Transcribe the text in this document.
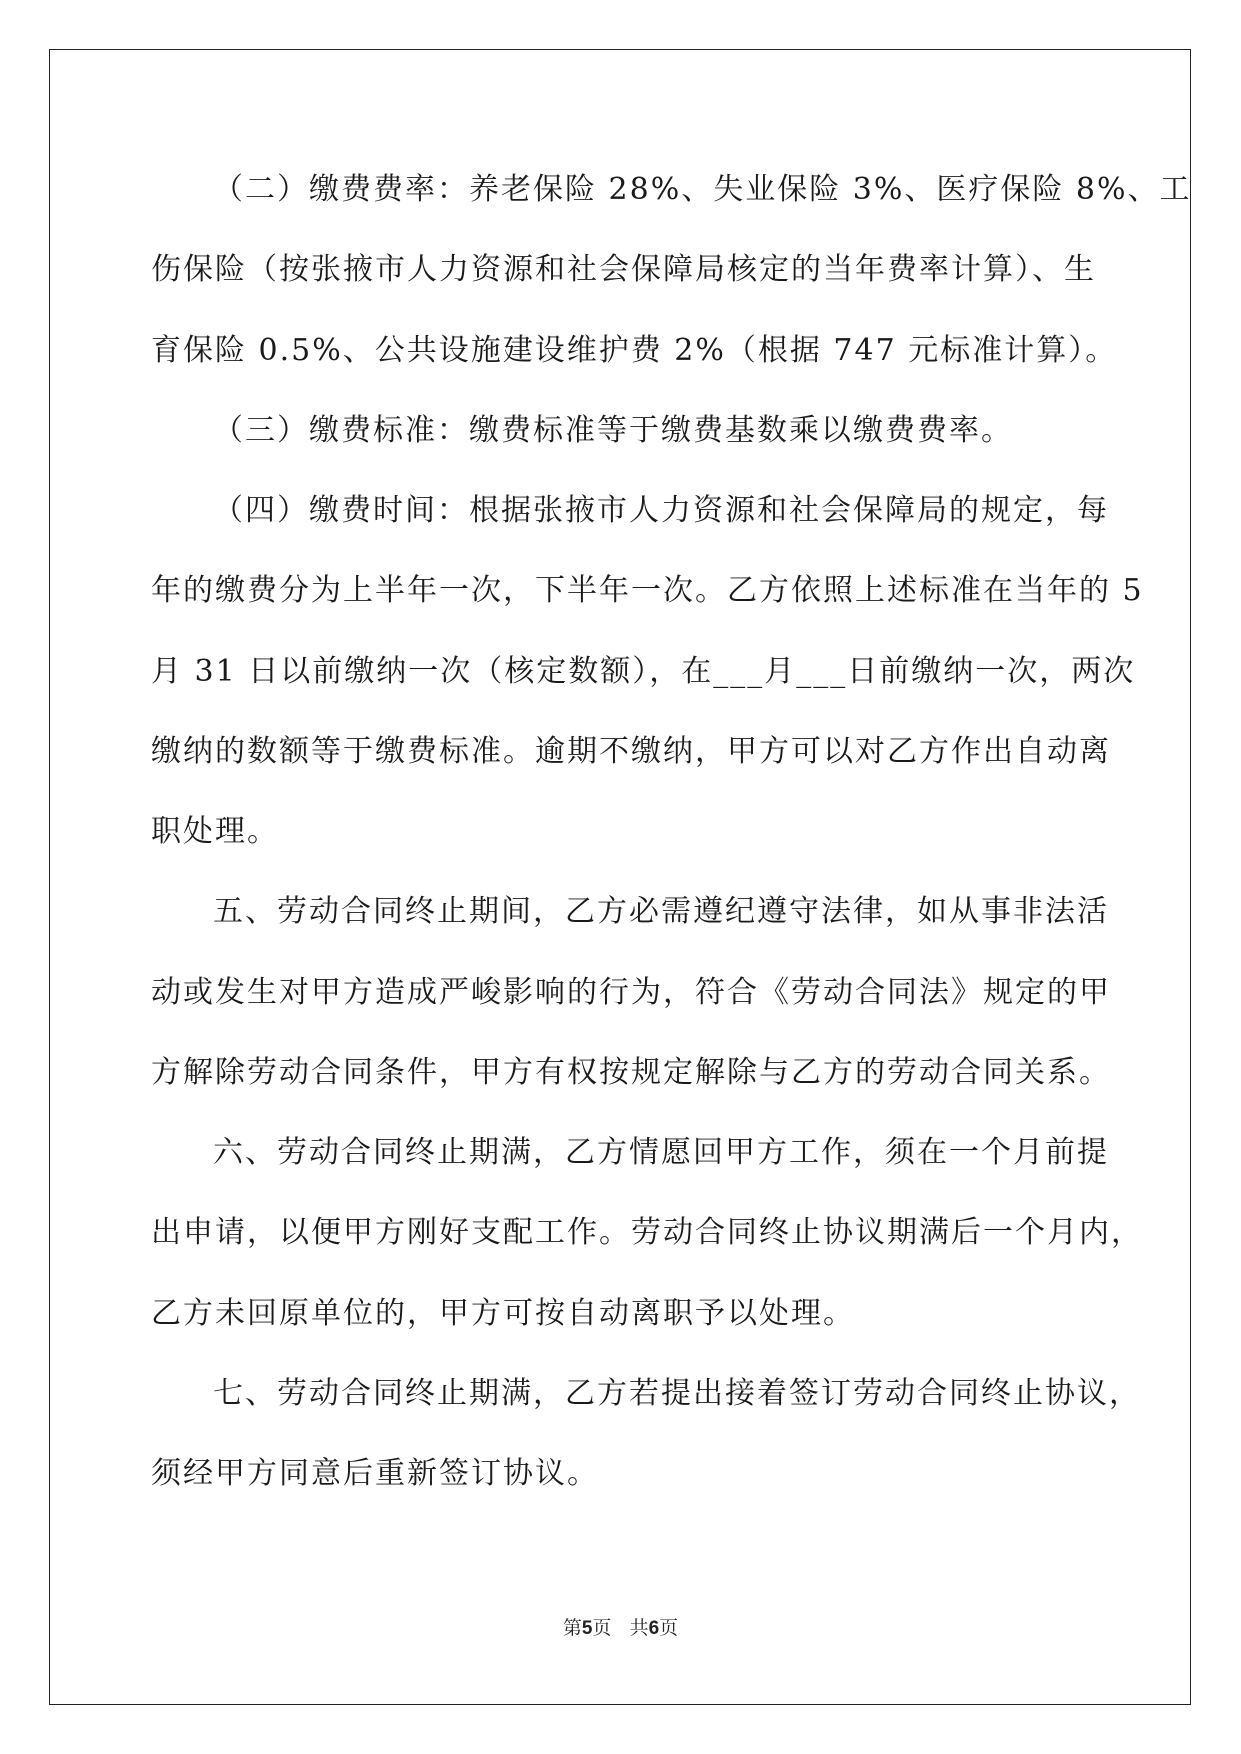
（二）缴费费率：养老保险 28%、失业保险 3%、医疗保险 8%、工
伤保险（按张掖市人力资源和社会保障局核定的当年费率计算）、生
育保险 0.5%、公共设施建设维护费 2%（根据 747 元标准计算）。
（三）缴费标准：缴费标准等于缴费基数乘以缴费费率。
（四）缴费时间：根据张掖市人力资源和社会保障局的规定，每
年的缴费分为上半年一次，下半年一次。乙方依照上述标准在当年的 5
月 31 日以前缴纳一次（核定数额），在___月___日前缴纳一次，两次
缴纳的数额等于缴费标准。逾期不缴纳，甲方可以对乙方作出自动离
职处理。
五、劳动合同终止期间，乙方必需遵纪遵守法律，如从事非法活
动或发生对甲方造成严峻影响的行为，符合《劳动合同法》规定的甲
方解除劳动合同条件，甲方有权按规定解除与乙方的劳动合同关系。
六、劳动合同终止期满，乙方情愿回甲方工作，须在一个月前提
出申请，以便甲方刚好支配工作。劳动合同终止协议期满后一个月内，
乙方未回原单位的，甲方可按自动离职予以处理。
七、劳动合同终止期满，乙方若提出接着签订劳动合同终止协议，
须经甲方同意后重新签订协议。
第5页 共6页
